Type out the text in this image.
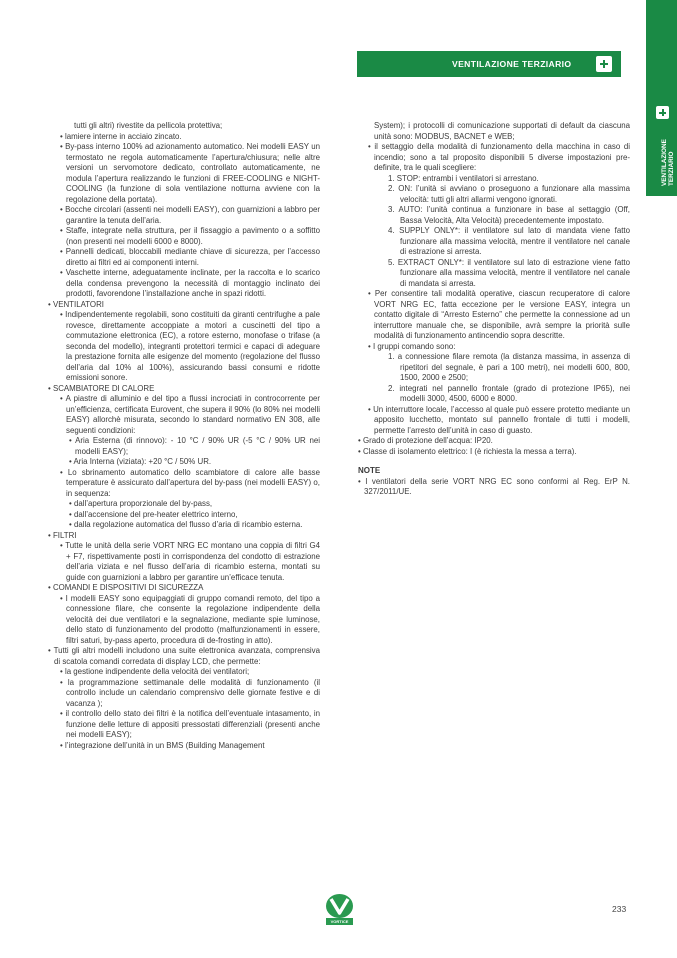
VENTILAZIONE
TERZIARIO
VENTILAZIONE TERZIARIO

tutti gli altri) rivestite da pellicola protettiva;

• lamiere interne in acciaio zincato.

• By-pass interno 100% ad azionamento automatico. Nei modelli EASY un termostato ne regola automaticamente l’apertura/chiusura; nelle altre versioni un servomotore dedicato, controllato automaticamente, ne modula l’apertura realizzando le funzioni di FREE-COOLING e NIGHT-COOLING (la funzione di sola ventilazione notturna avviene con la regolazione della portata).

• Bocche circolari (assenti nei modelli EASY), con guarnizioni a labbro per garantire la tenuta dell’aria.

• Staffe, integrate nella struttura, per il fissaggio a pavimento o a soffitto (non presenti nei modelli 6000 e 8000).

• Pannelli dedicati, bloccabili mediante chiave di sicurezza, per l’accesso diretto ai filtri ed ai componenti interni.

• Vaschette interne, adeguatamente inclinate, per la raccolta e lo scarico della condensa prevengono la necessità di montaggio inclinato dei prodotti, favorendone l’installazione anche in spazi ridotti.

• VENTILATORI

• Indipendentemente regolabili, sono costituiti da giranti centrifughe a pale rovesce, direttamente accoppiate a motori a cuscinetti del tipo a commutazione elettronica (EC), a rotore esterno, monofase o trifase (a seconda del modello), integranti protettori termici e capaci di adeguare la prestazione fornita alle esigenze del momento (regolazione del flusso dell’aria dal 10% al 100%), assicurando bassi consumi e ridotte emissioni sonore.

• SCAMBIATORE DI CALORE

• A piastre di alluminio e del tipo a flussi incrociati in controcorrente per un’efficienza, certificata Eurovent, che supera il 90% (lo 80% nei modelli EASY) allorchè misurata, secondo lo standard normativo EN 308, alle seguenti condizioni:

• Aria Esterna (di rinnovo): - 10 °C / 90% UR (-5 °C / 90% UR nei modelli EASY);

• Aria Interna (viziata): +20 °C / 50% UR.

• Lo sbrinamento automatico dello scambiatore di calore alle basse temperature è assicurato dall’apertura del by-pass (nei modelli EASY) o, in sequenza:

• dall’apertura proporzionale del by-pass,

• dall’accensione del pre-heater elettrico interno,

• dalla regolazione automatica del flusso d’aria di ricambio esterna.

• FILTRI

• Tutte le unità della serie VORT NRG EC montano una coppia di filtri G4 + F7, rispettivamente posti in corrispondenza del condotto di estrazione dell’aria viziata e nel flusso dell’aria di ricambio esterna, montati su guide con guarnizioni a labbro per garantire un’efficace tenuta.

• COMANDI E DISPOSITIVI DI SICUREZZA

• I modelli EASY sono equipaggiati di gruppo comandi remoto, del tipo a connessione filare, che consente la regolazione indipendente della velocità dei due ventilatori e la segnalazione, mediante spie luminose, dello stato di funzionamento del prodotto (malfunzionamenti in essere, filtri saturi, by-pass aperto, procedura di de-frosting in atto).

• Tutti gli altri modelli includono una suite elettronica avanzata, comprensiva di scatola comandi corredata di display LCD, che permette:

• la gestione indipendente della velocità dei ventilatori;

• la programmazione settimanale delle modalità di funzionamento (il controllo include un calendario comprensivo delle giornate festive e di vacanza );

• il controllo dello stato dei filtri è la notifica dell’eventuale intasamento, in funzione delle letture di appositi pressostati differenziali (presenti anche nei modelli EASY);

• l’integrazione dell’unità in un BMS (Building Management

System); i protocolli di comunicazione supportati di default da ciascuna unità sono: MODBUS, BACNET e WEB;

• il settaggio della modalità di funzionamento della macchina in caso di incendio; sono a tal proposito disponibili 5 diverse impostazioni pre-definite, tra le quali scegliere:

1. STOP: entrambi i ventilatori si arrestano.

2. ON: l’unità si avviano o proseguono a funzionare alla massima velocità: tutti gli altri allarmi vengono ignorati.

3. AUTO: l’unità continua a funzionare in base al settaggio (Off, Bassa Velocità, Alta Velocità) precedentemente impostato.

4. SUPPLY ONLY*: il ventilatore sul lato di mandata viene fatto funzionare alla massima velocità, mentre il ventilatore nel canale di estrazione si arresta.

5. EXTRACT ONLY*: il ventilatore sul lato di estrazione viene fatto funzionare alla massima velocità, mentre il ventilatore nel canale di mandata si arresta.

• Per consentire tali modalità operative, ciascun recuperatore di calore VORT NRG EC, fatta eccezione per le versione EASY, integra un contatto digitale di “Arresto Esterno” che permette la connessione ad un interruttore manuale che, se disponibile, avrà sempre la priorità sulle modalità di funzionamento antincendio sopra descritte.

• I gruppi comando sono:

1. a connessione filare remota (la distanza massima, in assenza di ripetitori del segnale, è pari a 100 metri), nei modelli 600, 800, 1500, 2000 e 2500;

2. integrati nel pannello frontale (grado di protezione IP65), nei modelli 3000, 4500, 6000 e 8000.

• Un interruttore locale, l’accesso al quale può essere protetto mediante un apposito lucchetto, montato sul pannello frontale di tutti i modelli, permette l’arresto dell’unità in caso di guasto.

• Grado di protezione dell’acqua: IP20.

• Classe di isolamento elettrico: I (è richiesta la messa a terra).

NOTE

• I ventilatori della serie VORT NRG EC sono conformi al Reg. ErP N. 327/2011/UE.

VORTICE
233
